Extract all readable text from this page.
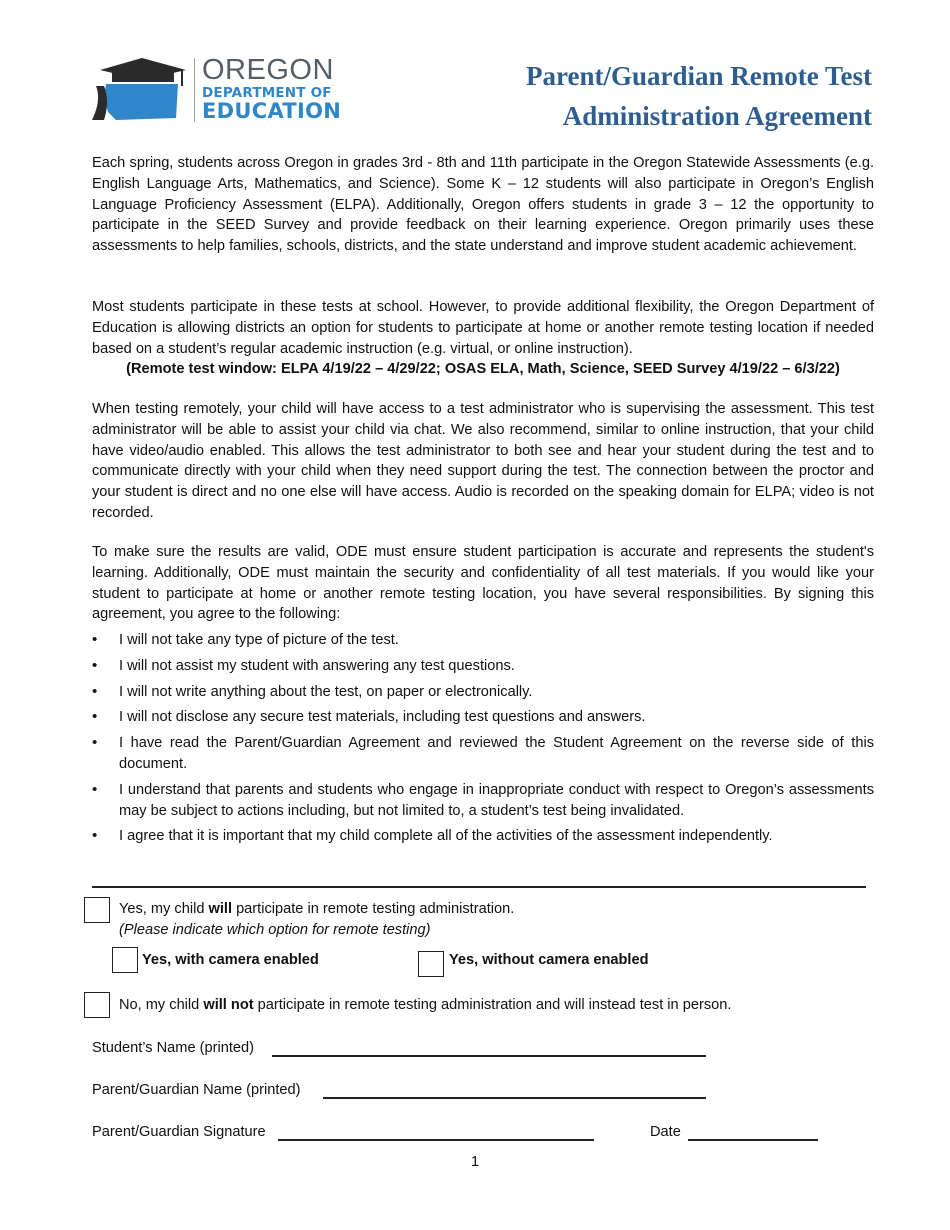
OREGON
DEPARTMENT OF
EDUCATION
Parent/Guardian Remote Test
Administration Agreement

Each spring, students across Oregon in grades 3rd - 8th and 11th participate in the Oregon Statewide Assessments (e.g. English Language Arts, Mathematics, and Science). Some K – 12 students will also participate in Oregon’s English Language Proficiency Assessment (ELPA). Additionally, Oregon offers students in grade 3 – 12 the opportunity to participate in the SEED Survey and provide feedback on their learning experience. Oregon primarily uses these assessments to help families, schools, districts, and the state understand and improve student academic achievement.

Most students participate in these tests at school. However, to provide additional flexibility, the Oregon Department of Education is allowing districts an option for students to participate at home or another remote testing location if needed based on a student’s regular academic instruction (e.g. virtual, or online instruction).

(Remote test window: ELPA 4/19/22 – 4/29/22; OSAS ELA, Math, Science, SEED Survey 4/19/22 – 6/3/22)

When testing remotely, your child will have access to a test administrator who is supervising the assessment. This test administrator will be able to assist your child via chat. We also recommend, similar to online instruction, that your child have video/audio enabled. This allows the test administrator to both see and hear your student during the test and to communicate directly with your child when they need support during the test. The connection between the proctor and your student is direct and no one else will have access. Audio is recorded on the speaking domain for ELPA; video is not recorded.

To make sure the results are valid, ODE must ensure student participation is accurate and represents the student's learning. Additionally, ODE must maintain the security and confidentiality of all test materials. If you would like your student to participate at home or another remote testing location, you have several responsibilities. By signing this agreement, you agree to the following:

• I will not take any type of picture of the test.
• I will not assist my student with answering any test questions.
• I will not write anything about the test, on paper or electronically.
• I will not disclose any secure test materials, including test questions and answers.
• I have read the Parent/Guardian Agreement and reviewed the Student Agreement on the reverse side of this document.
• I understand that parents and students who engage in inappropriate conduct with respect to Oregon’s assessments may be subject to actions including, but not limited to, a student’s test being invalidated.
• I agree that it is important that my child complete all of the activities of the assessment independently.
Yes, my child will participate in remote testing administration.
(Please indicate which option for remote testing)
Yes, with camera enabled	Yes, without camera enabled
No, my child will not participate in remote testing administration and will instead test in person.
Student’s Name (printed)
Parent/Guardian Name (printed)
Parent/Guardian Signature	Date
1
